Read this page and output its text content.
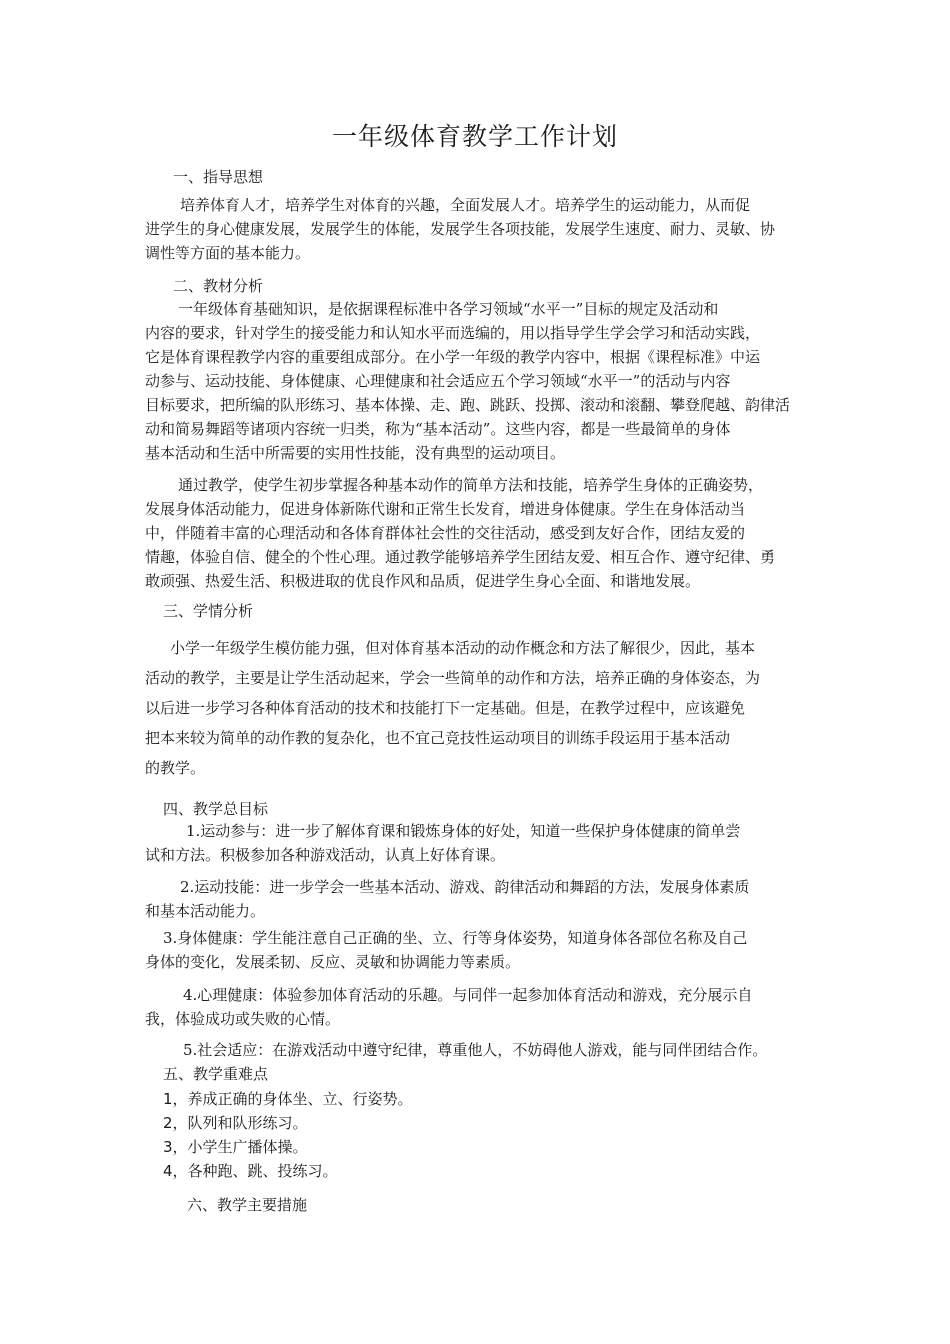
一年级体育教学工作计划
一、指导思想
培养体育人才，培养学生对体育的兴趣，全面发展人才。培养学生的运动能力，从而促
进学生的身心健康发展，发展学生的体能，发展学生各项技能，发展学生速度、耐力、灵敏、协
调性等方面的基本能力。
二、教材分析
一年级体育基础知识，是依据课程标准中各学习领域“水平一”目标的规定及活动和
内容的要求，针对学生的接受能力和认知水平而选编的，用以指导学生学会学习和活动实践，
它是体育课程教学内容的重要组成部分。在小学一年级的教学内容中，根据《课程标准》中运
动参与、运动技能、身体健康、心理健康和社会适应五个学习领域“水平一”的活动与内容
目标要求，把所编的队形练习、基本体操、走、跑、跳跃、投掷、滚动和滚翻、攀登爬越、韵律活
动和简易舞蹈等诸项内容统一归类，称为“基本活动”。这些内容，都是一些最简单的身体
基本活动和生活中所需要的实用性技能，没有典型的运动项目。
通过教学，使学生初步掌握各种基本动作的简单方法和技能，培养学生身体的正确姿势，
发展身体活动能力，促进身体新陈代谢和正常生长发育，增进身体健康。学生在身体活动当
中，伴随着丰富的心理活动和各体育群体社会性的交往活动，感受到友好合作，团结友爱的
情趣，体验自信、健全的个性心理。通过教学能够培养学生团结友爱、相互合作、遵守纪律、勇
敢顽强、热爱生活、积极进取的优良作风和品质，促进学生身心全面、和谐地发展。
三、学情分析
小学一年级学生模仿能力强，但对体育基本活动的动作概念和方法了解很少，因此，基本
活动的教学，主要是让学生活动起来，学会一些简单的动作和方法，培养正确的身体姿态，为
以后进一步学习各种体育活动的技术和技能打下一定基础。但是，在教学过程中，应该避免
把本来较为简单的动作教的复杂化，也不宜己竞技性运动项目的训练手段运用于基本活动
的教学。
四、教学总目标
1.运动参与：进一步了解体育课和锻炼身体的好处，知道一些保护身体健康的简单尝
试和方法。积极参加各种游戏活动，认真上好体育课。
2.运动技能：进一步学会一些基本活动、游戏、韵律活动和舞蹈的方法，发展身体素质
和基本活动能力。
3.身体健康：学生能注意自己正确的坐、立、行等身体姿势，知道身体各部位名称及自己
身体的变化，发展柔韧、反应、灵敏和协调能力等素质。
4.心理健康：体验参加体育活动的乐趣。与同伴一起参加体育活动和游戏，充分展示自
我，体验成功或失败的心情。
5.社会适应：在游戏活动中遵守纪律，尊重他人，不妨碍他人游戏，能与同伴团结合作。
五、教学重难点
1，养成正确的身体坐、立、行姿势。
2，队列和队形练习。
3，小学生广播体操。
4，各种跑、跳、投练习。
六、教学主要措施
